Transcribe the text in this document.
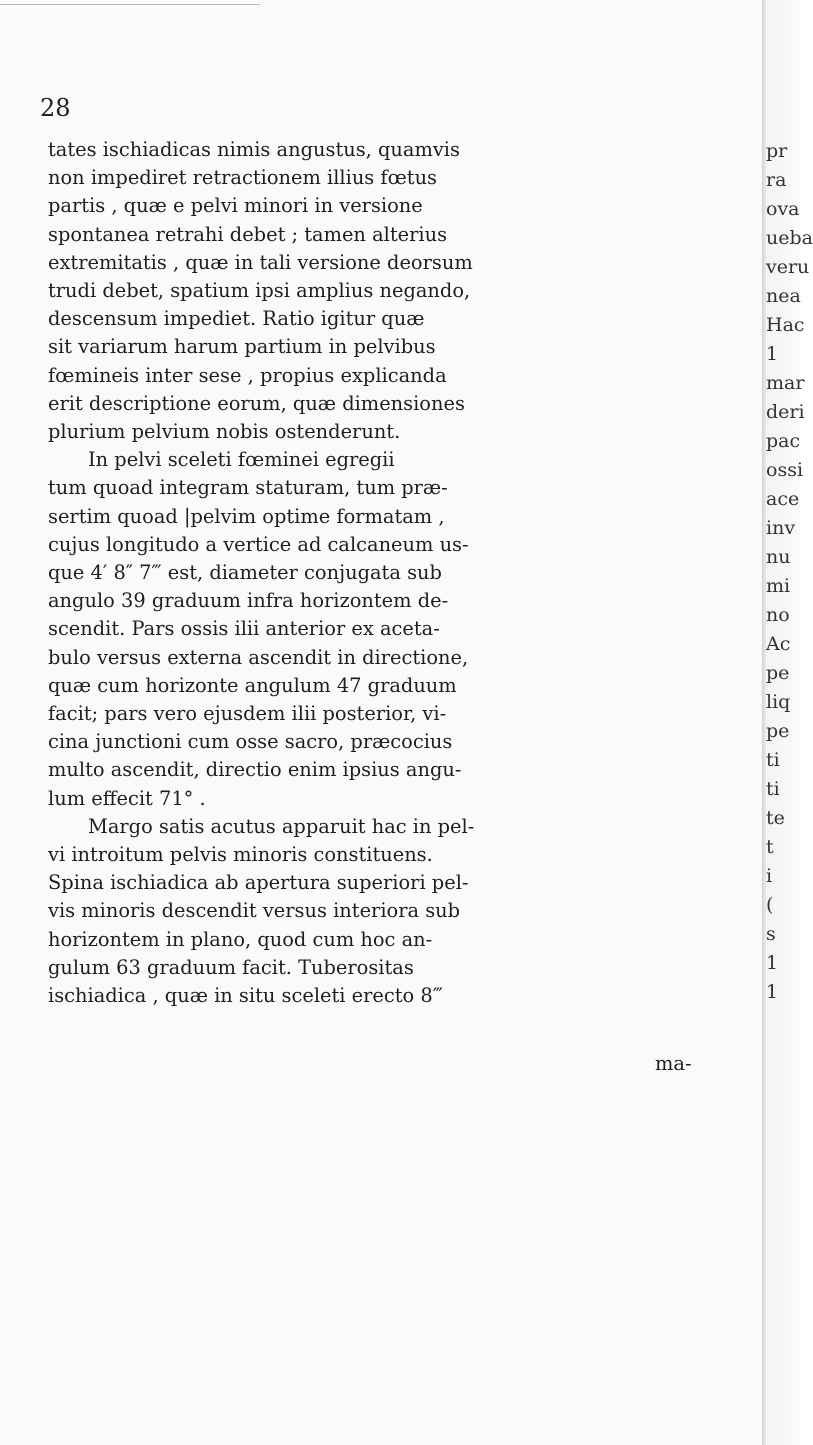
28
tates ischiadicas nimis angustus, quamvis
non impediret retractionem illius fœtus
partis , quæ e pelvi minori in versione
spontanea retrahi debet ; tamen alterius
extremitatis , quæ in tali versione deorsum
trudi debet, spatium ipsi amplius negando,
descensum impediet. Ratio igitur quæ
sit variarum harum partium in pelvibus
fœmineis inter sese , propius explicanda
erit descriptione eorum, quæ dimensiones
plurium pelvium nobis ostenderunt.
In pelvi sceleti fœminei egregii
tum quoad integram staturam, tum præ-
sertim quoad |pelvim optime formatam ,
cujus longitudo a vertice ad calcaneum us-
que 4′ 8″ 7‴ est, diameter conjugata sub
angulo 39 graduum infra horizontem de-
scendit. Pars ossis ilii anterior ex aceta-
bulo versus externa ascendit in directione,
quæ cum horizonte angulum 47 graduum
facit; pars vero ejusdem ilii posterior, vi-
cina junctioni cum osse sacro, præcocius
multo ascendit, directio enim ipsius angu-
lum effecit 71° .
Margo satis acutus apparuit hac in pel-
vi introitum pelvis minoris constituens.
Spina ischiadica ab apertura superiori pel-
vis minoris descendit versus interiora sub
horizontem in plano, quod cum hoc an-
gulum 63 graduum facit. Tuberositas
ischiadica , quæ in situ sceleti erecto 8‴
ma-
pr
ra
ova
ueba
veru
nea
Hac
1
mar
deri
pac
ossi
ace
inv
nu
mi
no
Ac
pe
liq
pe
ti
ti
te
t
i
(
s
1
1
